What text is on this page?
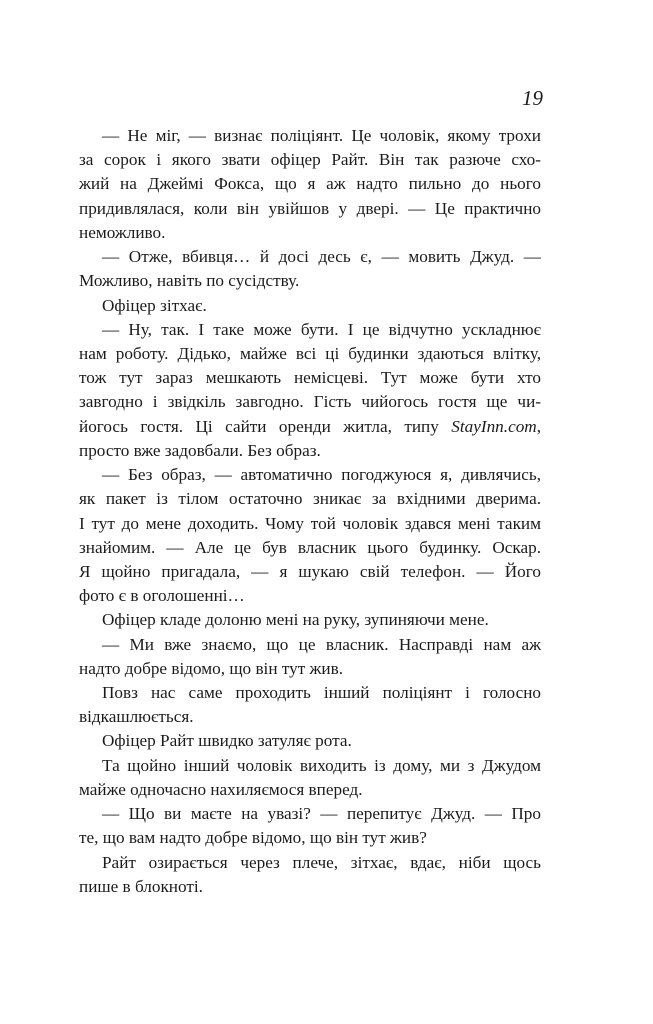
19
— Не міг, — визнає поліціянт. Це чоловік, якому трохи
за сорок і якого звати офіцер Райт. Він так разюче схо-
жий на Джеймі Фокса, що я аж надто пильно до нього
придивлялася, коли він увійшов у двері. — Це практично
неможливо.
— Отже, вбивця… й досі десь є, — мовить Джуд. —
Можливо, навіть по сусідству.
Офіцер зітхає.
— Ну, так. І таке може бути. І це відчутно ускладнює
нам роботу. Дідько, майже всі ці будинки здаються влітку,
тож тут зараз мешкають неміcцеві. Тут може бути хто
завгодно і звідкіль завгодно. Гість чийогось гостя ще чи-
йогось гостя. Ці сайти оренди житла, типу StayInn.com,
просто вже задовбали. Без образ.
— Без образ, — автоматично погоджуюся я, дивлячись,
як пакет із тілом остаточно зникає за вхідними дверима.
І тут до мене доходить. Чому той чоловік здався мені таким
знайомим. — Але це був власник цього будинку. Оскар.
Я щойно пригадала, — я шукаю свій телефон. — Його
фото є в оголошенні…
Офіцер кладе долоню мені на руку, зупиняючи мене.
— Ми вже знаємо, що це власник. Насправді нам аж
надто добре відомо, що він тут жив.
Повз нас саме проходить інший поліціянт і голосно
відкашлюється.
Офіцер Райт швидко затуляє рота.
Та щойно інший чоловік виходить із дому, ми з Джудом
майже одночасно нахиляємося вперед.
— Що ви маєте на увазі? — перепитує Джуд. — Про
те, що вам надто добре відомо, що він тут жив?
Райт озирається через плече, зітхає, вдає, ніби щось
пише в блокноті.
